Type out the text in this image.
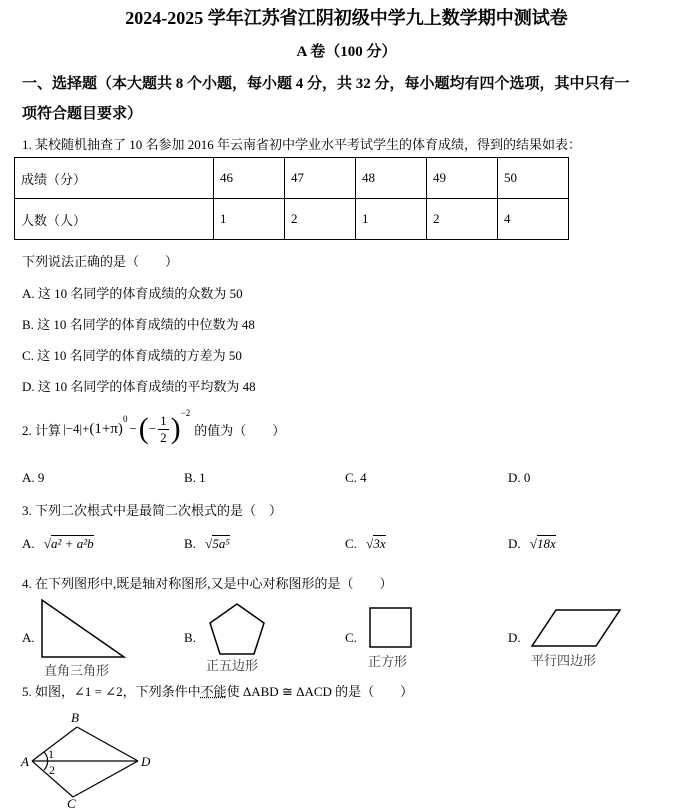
2024-2025 学年江苏省江阴初级中学九上数学期中测试卷
A 卷（100 分）
一、选择题（本大题共 8 个小题，每小题 4 分，共 32 分，每小题均有四个选项，其中只有一
项符合题目要求）
1. 某校随机抽查了 10 名参加 2016 年云南省初中学业水平考试学生的体育成绩，得到的结果如表：
成绩（分）	46	47	48	49	50
人数（人）	1	2	1	2	4
下列说法正确的是（　　）
A. 这 10 名同学的体育成绩的众数为 50
B. 这 10 名同学的体育成绩的中位数为 48
C. 这 10 名同学的体育成绩的方差为 50
D. 这 10 名同学的体育成绩的平均数为 48
2. 计算 |−4| + (1+π)
$^0$
− ( − $\frac{1}{2} )^{-2}$
的值为（　　）
A. 9	B. 1	C. 4	D. 0
3. 下列二次根式中是最简二次根式的是（　）
A. √a² + a²b	B. √5a⁵	C. √3x	D. √18x
4. 在下列图形中,既是轴对称图形,又是中心对称图形的是（　　）
A.
直角三角形
B.
正五边形
C.
正方形
D.
平行四边形
5. 如图，∠1 = ∠2，下列条件中不能使 ΔABD ≅ ΔACD 的是（　　）
A
B
C
D
1
2
